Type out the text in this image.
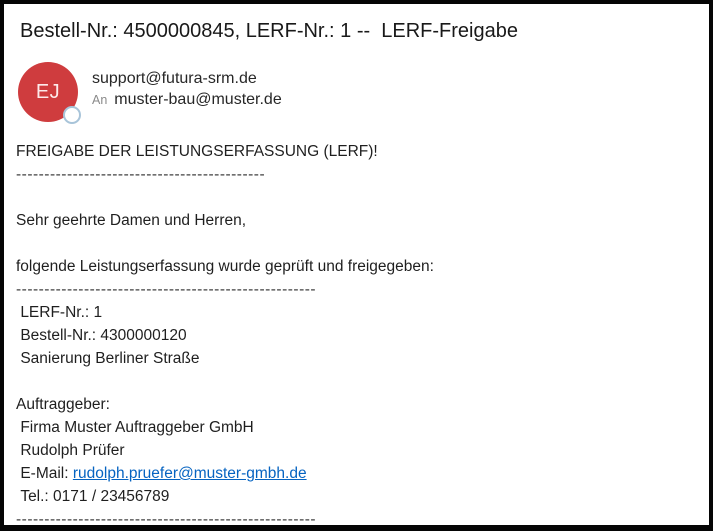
Bestell-Nr.: 4500000845, LERF-Nr.: 1 --  LERF-Freigabe
EJ
support@futura-srm.de
An muster-bau@muster.de
FREIGABE DER LEISTUNGSERFASSUNG (LERF)!
--------------------------------------------

Sehr geehrte Damen und Herren,

folgende Leistungserfassung wurde geprüft und freigegeben:
-----------------------------------------------------
LERF-Nr.: 1
Bestell-Nr.: 4300000120
Sanierung Berliner Straße

Auftraggeber:
Firma Muster Auftraggeber GmbH
Rudolph Prüfer
E-Mail: rudolph.pruefer@muster-gmbh.de
Tel.: 0171 / 23456789
-----------------------------------------------------
